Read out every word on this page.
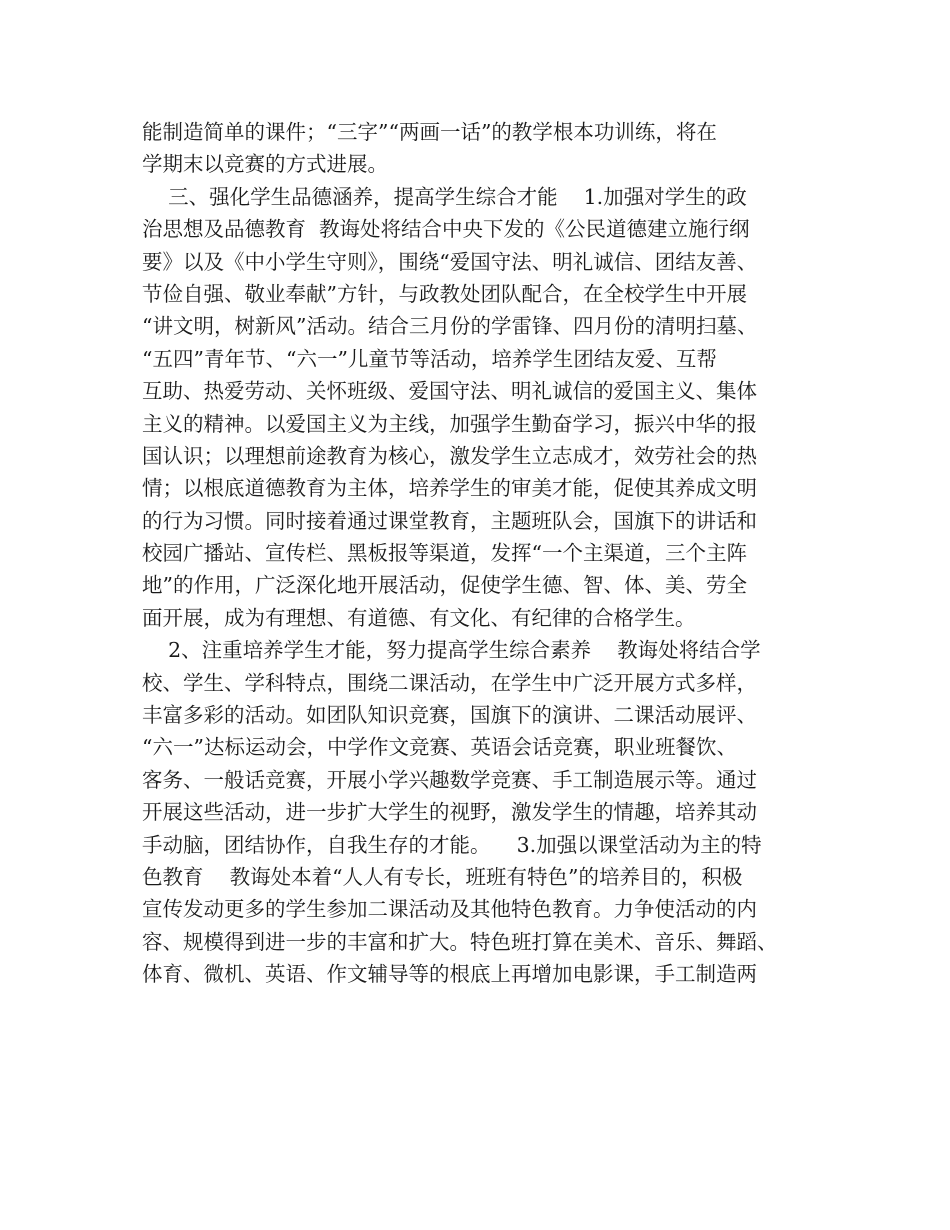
能制造简单的课件；“三字”“两画一话”的教学根本功训练，将在
学期末以竞赛的方式进展。
三、强化学生品德涵养，提高学生综合才能    1.加强对学生的政
治思想及品德教育  教诲处将结合中央下发的《公民道德建立施行纲
要》以及《中小学生守则》，围绕“爱国守法、明礼诚信、团结友善、
节俭自强、敬业奉献”方针，与政教处团队配合，在全校学生中开展
“讲文明，树新风”活动。结合三月份的学雷锋、四月份的清明扫墓、
“五四”青年节、“六一”儿童节等活动，培养学生团结友爱、互帮
互助、热爱劳动、关怀班级、爱国守法、明礼诚信的爱国主义、集体
主义的精神。以爱国主义为主线，加强学生勤奋学习，振兴中华的报
国认识；以理想前途教育为核心，激发学生立志成才，效劳社会的热
情；以根底道德教育为主体，培养学生的审美才能，促使其养成文明
的行为习惯。同时接着通过课堂教育，主题班队会，国旗下的讲话和
校园广播站、宣传栏、黑板报等渠道，发挥“一个主渠道，三个主阵
地”的作用，广泛深化地开展活动，促使学生德、智、体、美、劳全
面开展，成为有理想、有道德、有文化、有纪律的合格学生。
2、注重培养学生才能，努力提高学生综合素养    教诲处将结合学
校、学生、学科特点，围绕二课活动，在学生中广泛开展方式多样，
丰富多彩的活动。如团队知识竞赛，国旗下的演讲、二课活动展评、
“六一”达标运动会，中学作文竞赛、英语会话竞赛，职业班餐饮、
客务、一般话竞赛，开展小学兴趣数学竞赛、手工制造展示等。通过
开展这些活动，进一步扩大学生的视野，激发学生的情趣，培养其动
手动脑，团结协作，自我生存的才能。    3.加强以课堂活动为主的特
色教育    教诲处本着“人人有专长，班班有特色”的培养目的，积极
宣传发动更多的学生参加二课活动及其他特色教育。力争使活动的内
容、规模得到进一步的丰富和扩大。特色班打算在美术、音乐、舞蹈、
体育、微机、英语、作文辅导等的根底上再增加电影课，手工制造两
